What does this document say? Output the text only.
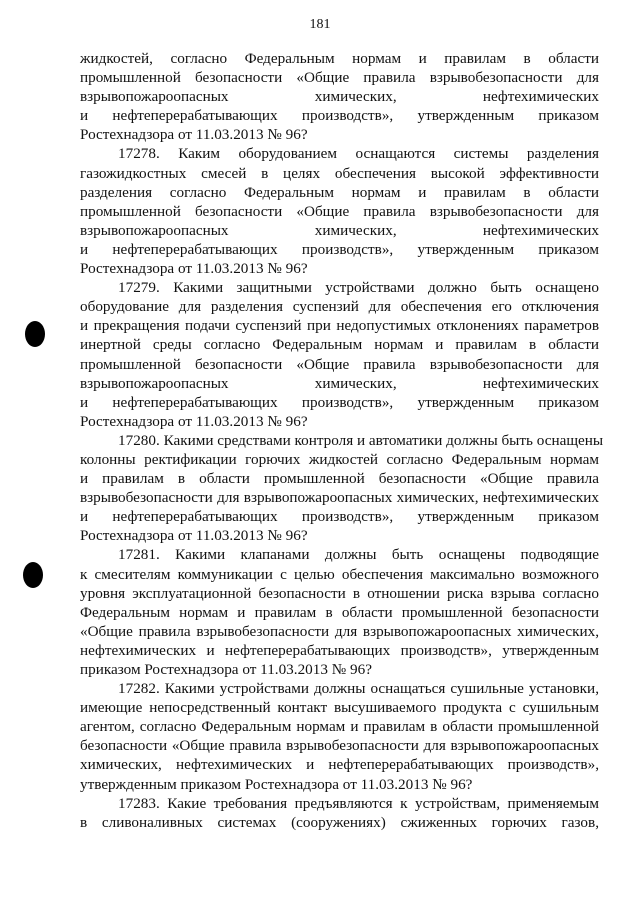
181
жидкостей, согласно Федеральным нормам и правилам в области
промышленной безопасности «Общие правила взрывобезопасности для
взрывопожароопасных химических, нефтехимических
и нефтеперерабатывающих производств», утвержденным приказом
Ростехнадзора от 11.03.2013 № 96?
17278. Каким оборудованием оснащаются системы разделения
газожидкостных смесей в целях обеспечения высокой эффективности
разделения согласно Федеральным нормам и правилам в области
промышленной безопасности «Общие правила взрывобезопасности для
взрывопожароопасных химических, нефтехимических
и нефтеперерабатывающих производств», утвержденным приказом
Ростехнадзора от 11.03.2013 № 96?
17279. Какими защитными устройствами должно быть оснащено
оборудование для разделения суспензий для обеспечения его отключения
и прекращения подачи суспензий при недопустимых отклонениях параметров
инертной среды согласно Федеральным нормам и правилам в области
промышленной безопасности «Общие правила взрывобезопасности для
взрывопожароопасных химических, нефтехимических
и нефтеперерабатывающих производств», утвержденным приказом
Ростехнадзора от 11.03.2013 № 96?
17280. Какими средствами контроля и автоматики должны быть оснащены
колонны ректификации горючих жидкостей согласно Федеральным нормам
и правилам в области промышленной безопасности «Общие правила
взрывобезопасности для взрывопожароопасных химических, нефтехимических
и нефтеперерабатывающих производств», утвержденным приказом
Ростехнадзора от 11.03.2013 № 96?
17281. Какими клапанами должны быть оснащены подводящие
к смесителям коммуникации с целью обеспечения максимально возможного
уровня эксплуатационной безопасности в отношении риска взрыва согласно
Федеральным нормам и правилам в области промышленной безопасности
«Общие правила взрывобезопасности для взрывопожароопасных химических,
нефтехимических и нефтеперерабатывающих производств», утвержденным
приказом Ростехнадзора от 11.03.2013 № 96?
17282. Какими устройствами должны оснащаться сушильные установки,
имеющие непосредственный контакт высушиваемого продукта с сушильным
агентом, согласно Федеральным нормам и правилам в области промышленной
безопасности «Общие правила взрывобезопасности для взрывопожароопасных
химических, нефтехимических и нефтеперерабатывающих производств»,
утвержденным приказом Ростехнадзора от 11.03.2013 № 96?
17283. Какие требования предъявляются к устройствам, применяемым
в сливоналивных системах (сооружениях) сжиженных горючих газов,
